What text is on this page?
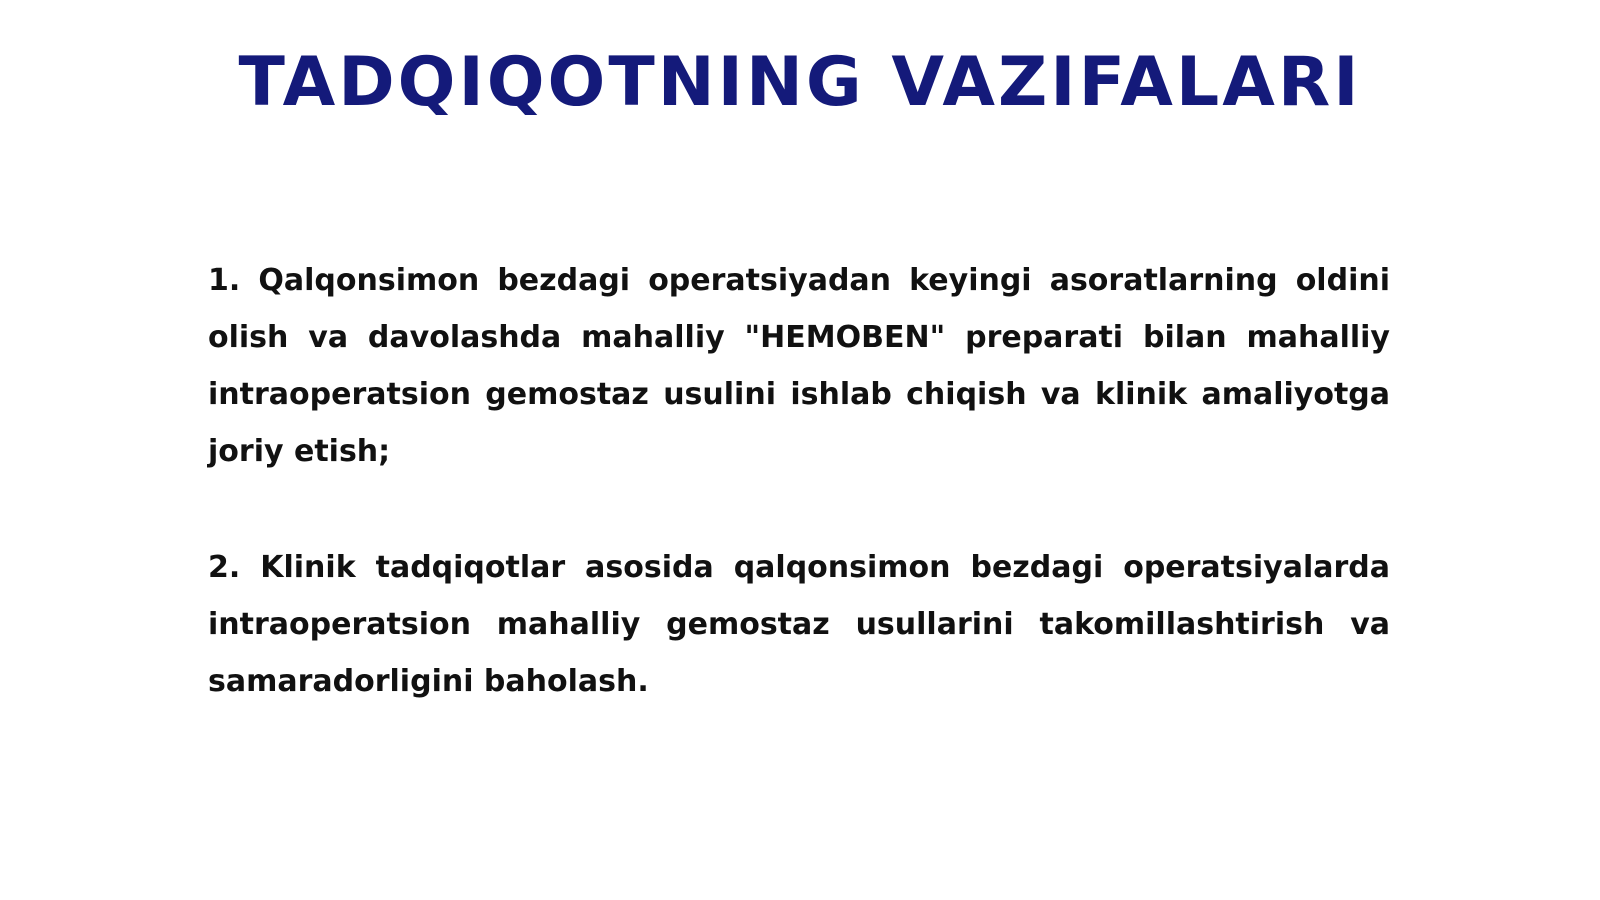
TADQIQOTNING VAZIFALARI

1. Qalqonsimon bezdagi operatsiyadan keyingi asoratlarning oldini olish va davolashda mahalliy "HEMOBEN" preparati bilan mahalliy intraoperatsion gemostaz usulini ishlab chiqish va klinik amaliyotga joriy etish;

2. Klinik tadqiqotlar asosida qalqonsimon bezdagi operatsiyalarda intraoperatsion mahalliy gemostaz usullarini takomillashtirish va samaradorligini baholash.
